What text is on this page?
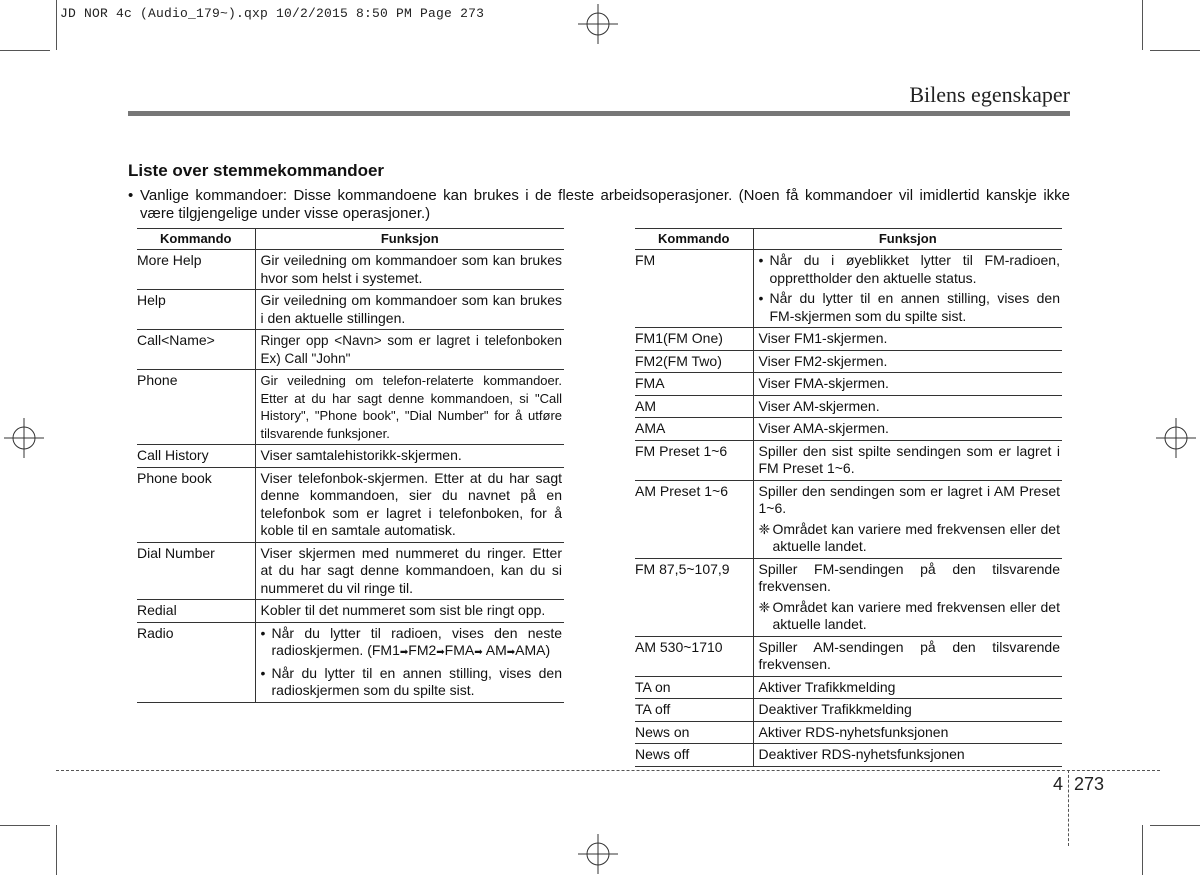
JD NOR 4c (Audio_179~).qxp 10/2/2015 8:50 PM Page 273
Bilens egenskaper
Liste over stemmekommandoer
• Vanlige kommandoer: Disse kommandoene kan brukes i de fleste arbeidsoperasjoner. (Noen få kommandoer vil imidlertid kanskje ikke være tilgjengelige under visse operasjoner.)
Kommando	Funksjon
More Help	Gir veiledning om kommandoer som kan brukes hvor som helst i systemet.
Help	Gir veiledning om kommandoer som kan brukes i den aktuelle stillingen.
Call<Name>	Ringer opp <Navn> som er lagret i telefonboken Ex) Call "John"
Phone	Gir veiledning om telefon-relaterte kommandoer. Etter at du har sagt denne kommandoen, si "Call History", "Phone book", "Dial Number" for å utføre tilsvarende funksjoner.
Call History	Viser samtalehistorikk-skjermen.
Phone book	Viser telefonbok-skjermen. Etter at du har sagt denne kommandoen, sier du navnet på en telefonbok som er lagret i telefonboken, for å koble til en samtale automatisk.
Dial Number	Viser skjermen med nummeret du ringer. Etter at du har sagt denne kommandoen, kan du si nummeret du vil ringe til.
Redial	Kobler til det nummeret som sist ble ringt opp.
Radio	• Når du lytter til radioen, vises den neste radioskjermen. (FM1➡FM2➡FMA➡ AM➡AMA)
• Når du lytter til en annen stilling, vises den radioskjermen som du spilte sist.
Kommando	Funksjon
FM	• Når du i øyeblikket lytter til FM-radioen, opprettholder den aktuelle status.
• Når du lytter til en annen stilling, vises den FM-skjermen som du spilte sist.

FM1(FM One)	Viser FM1-skjermen.
FM2(FM Two)	Viser FM2-skjermen.
FMA	Viser FMA-skjermen.
AM	Viser AM-skjermen.
AMA	Viser AMA-skjermen.
FM Preset 1~6	Spiller den sist spilte sendingen som er lagret i FM Preset 1~6.
AM Preset 1~6	Spiller den sendingen som er lagret i AM Preset 1~6.
❈ Området kan variere med frekvensen eller det aktuelle landet.

FM 87,5~107,9	Spiller FM-sendingen på den tilsvarende frekvensen.
❈ Området kan variere med frekvensen eller det aktuelle landet.

AM 530~1710	Spiller AM-sendingen på den tilsvarende frekvensen.
TA on	Aktiver Trafikkmelding
TA off	Deaktiver Trafikkmelding
News on	Aktiver RDS-nyhetsfunksjonen
News off	Deaktiver RDS-nyhetsfunksjonen
4 273
